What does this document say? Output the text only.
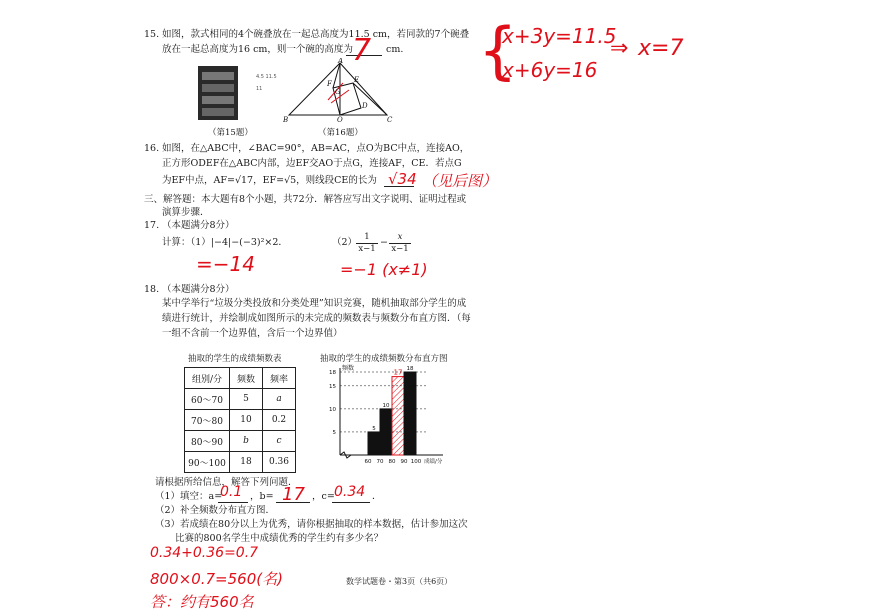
15. 如图，款式相同的4个碗叠放在一起总高度为11.5 cm，若同款的7个碗叠
放在一起总高度为16 cm，则一个碗的高度为 7 cm.
4.5 11.5
11
（第15题）
A
B	C
G
O
F	E
D
（第16题）
{
x+3y=11.5
x+6y=16
⇒ x=7
16. 如图，在△ABC中，∠BAC=90°，AB=AC，点O为BC中点，连接AO，
正方形ODEF在△ABC内部，边EF交AO于点G，连接AF，CE．若点G
为EF中点，AF=√17，EF=√5，则线段CE的长为 √34 （见后图）
三、解答题：本大题有8个小题，共72分．解答应写出文字说明、证明过程或
演算步骤．
17. （本题满分8分）
计算：（1）|−4|−(−3)²×2．	（2）
$\frac{1}{x-1} - \frac{x}{x-1}$
=−14	=−1 (x≠1)
18. （本题满分8分）
某中学举行“垃圾分类投放和分类处理”知识竞赛，随机抽取部分学生的成
绩进行统计，并绘制成如图所示的未完成的频数表与频数分布直方图．（每
一组不含前一个边界值，含后一个边界值）
抽取的学生的成绩频数表	抽取的学生的成绩频数分布直方图
组别/分	频数	频率
60～70	5	a
70～80	10	0.2
80～90	b	c
90～100	18	0.36
5
10
17 18
60 70 80 90 100 成绩/分
5
10
15
18
频数
请根据所给信息，解答下列问题．
（1）填空：a=
0.1 ，b= 17 ，c= 0.34 ．
（2）补全频数分布直方图．
（3）若成绩在80分以上为优秀，请你根据抽取的样本数据，估计参加这次
比赛的800名学生中成绩优秀的学生约有多少名？
0.34+0.36=0.7
800×0.7=560(名)
答：约有560名
数学试题卷・第3页（共6页）
